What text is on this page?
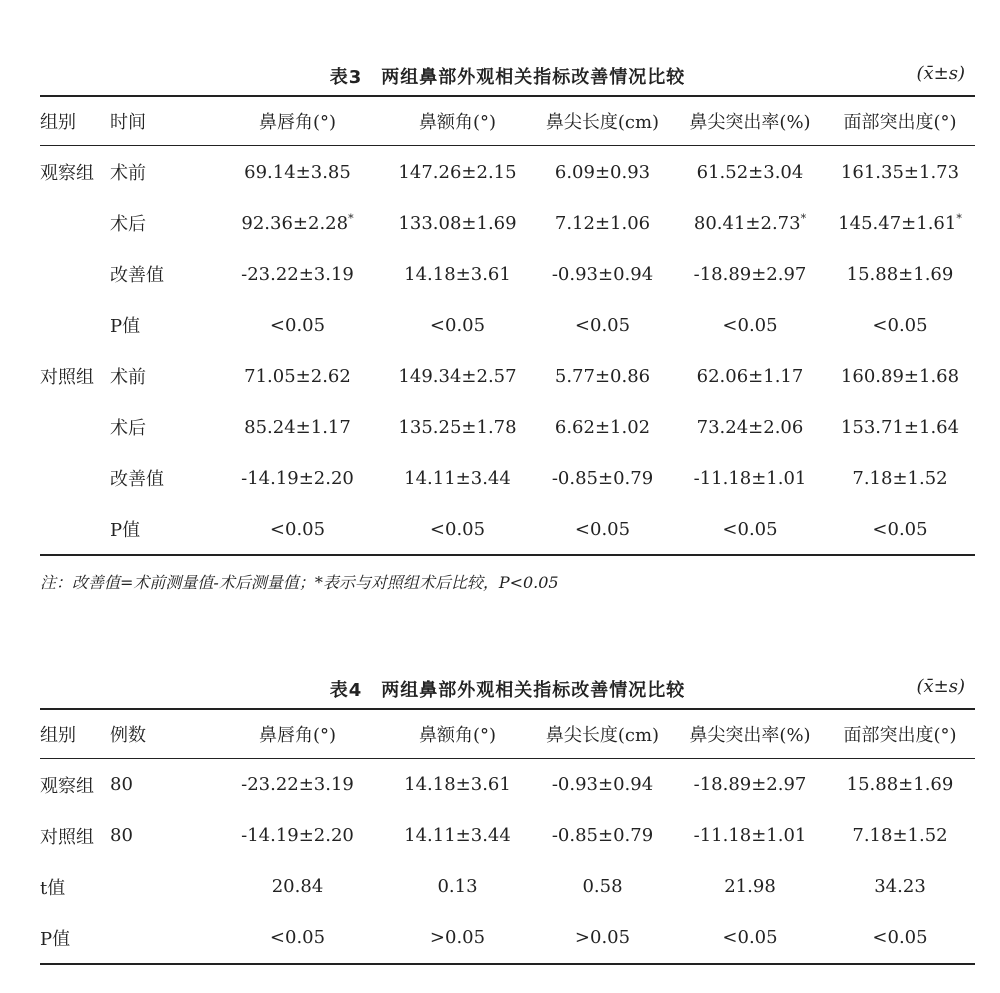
表3　两组鼻部外观相关指标改善情况比较	(x̄±s)
组别	时间	鼻唇角(°)	鼻额角(°)	鼻尖长度(cm)	鼻尖突出率(%)	面部突出度(°)
观察组	术前	69.14±3.85	147.26±2.15	6.09±0.93	61.52±3.04	161.35±1.73
	术后	92.36±2.28*	133.08±1.69	7.12±1.06	80.41±2.73*	145.47±1.61*
	改善值	-23.22±3.19	14.18±3.61	-0.93±0.94	-18.89±2.97	15.88±1.69
	P值	<0.05	<0.05	<0.05	<0.05	<0.05
对照组	术前	71.05±2.62	149.34±2.57	5.77±0.86	62.06±1.17	160.89±1.68
	术后	85.24±1.17	135.25±1.78	6.62±1.02	73.24±2.06	153.71±1.64
	改善值	-14.19±2.20	14.11±3.44	-0.85±0.79	-11.18±1.01	7.18±1.52
	P值	<0.05	<0.05	<0.05	<0.05	<0.05
注：改善值=术前测量值-术后测量值；*表示与对照组术后比较，P<0.05
表4　两组鼻部外观相关指标改善情况比较	(x̄±s)
组别	例数	鼻唇角(°)	鼻额角(°)	鼻尖长度(cm)	鼻尖突出率(%)	面部突出度(°)
观察组	80	-23.22±3.19	14.18±3.61	-0.93±0.94	-18.89±2.97	15.88±1.69
对照组	80	-14.19±2.20	14.11±3.44	-0.85±0.79	-11.18±1.01	7.18±1.52
t值		20.84	0.13	0.58	21.98	34.23
P值		<0.05	>0.05	>0.05	<0.05	<0.05
